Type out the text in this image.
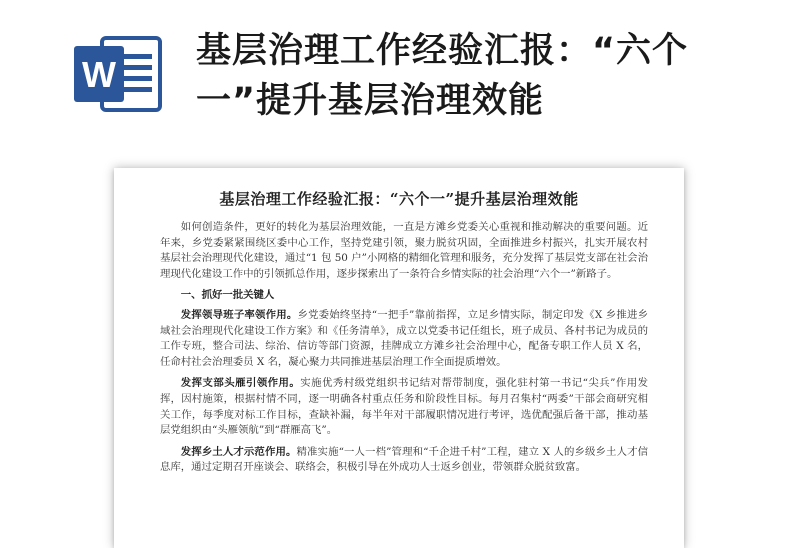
W
基层治理工作经验汇报：“六个一”提升基层治理效能
基层治理工作经验汇报：“六个一”提升基层治理效能

如何创造条件，更好的转化为基层治理效能，一直是方滩乡党委关心重视和推动解决的重要问题。近年来，乡党委紧紧围绕区委中心工作，坚持党建引领，聚力脱贫巩固，全面推进乡村振兴，扎实开展农村基层社会治理现代化建设，通过“1 包 50 户”小网格的精细化管理和服务，充分发挥了基层党支部在社会治理现代化建设工作中的引领抓总作用，逐步探索出了一条符合乡情实际的社会治理“六个一”新路子。

一、抓好一批关键人

发挥领导班子率领作用。乡党委始终坚持“一把手”靠前指挥，立足乡情实际，制定印发《X 乡推进乡域社会治理现代化建设工作方案》和《任务清单》，成立以党委书记任组长，班子成员、各村书记为成员的工作专班，整合司法、综治、信访等部门资源，挂牌成立方滩乡社会治理中心，配备专职工作人员 X 名，任命村社会治理委员 X 名，凝心聚力共同推进基层治理工作全面提质增效。

发挥支部头雁引领作用。实施优秀村级党组织书记结对帮带制度，强化驻村第一书记“尖兵”作用发挥，因村施策，根据村情不同，逐一明确各村重点任务和阶段性目标。每月召集村“两委”干部会商研究相关工作，每季度对标工作目标，查缺补漏，每半年对干部履职情况进行考评，选优配强后备干部，推动基层党组织由“头雁领航”到“群雁高飞”。

发挥乡土人才示范作用。精准实施“一人一档”管理和“千企进千村”工程，建立 X 人的乡级乡土人才信息库，通过定期召开座谈会、联络会，积极引导在外成功人士返乡创业，带领群众脱贫致富。
